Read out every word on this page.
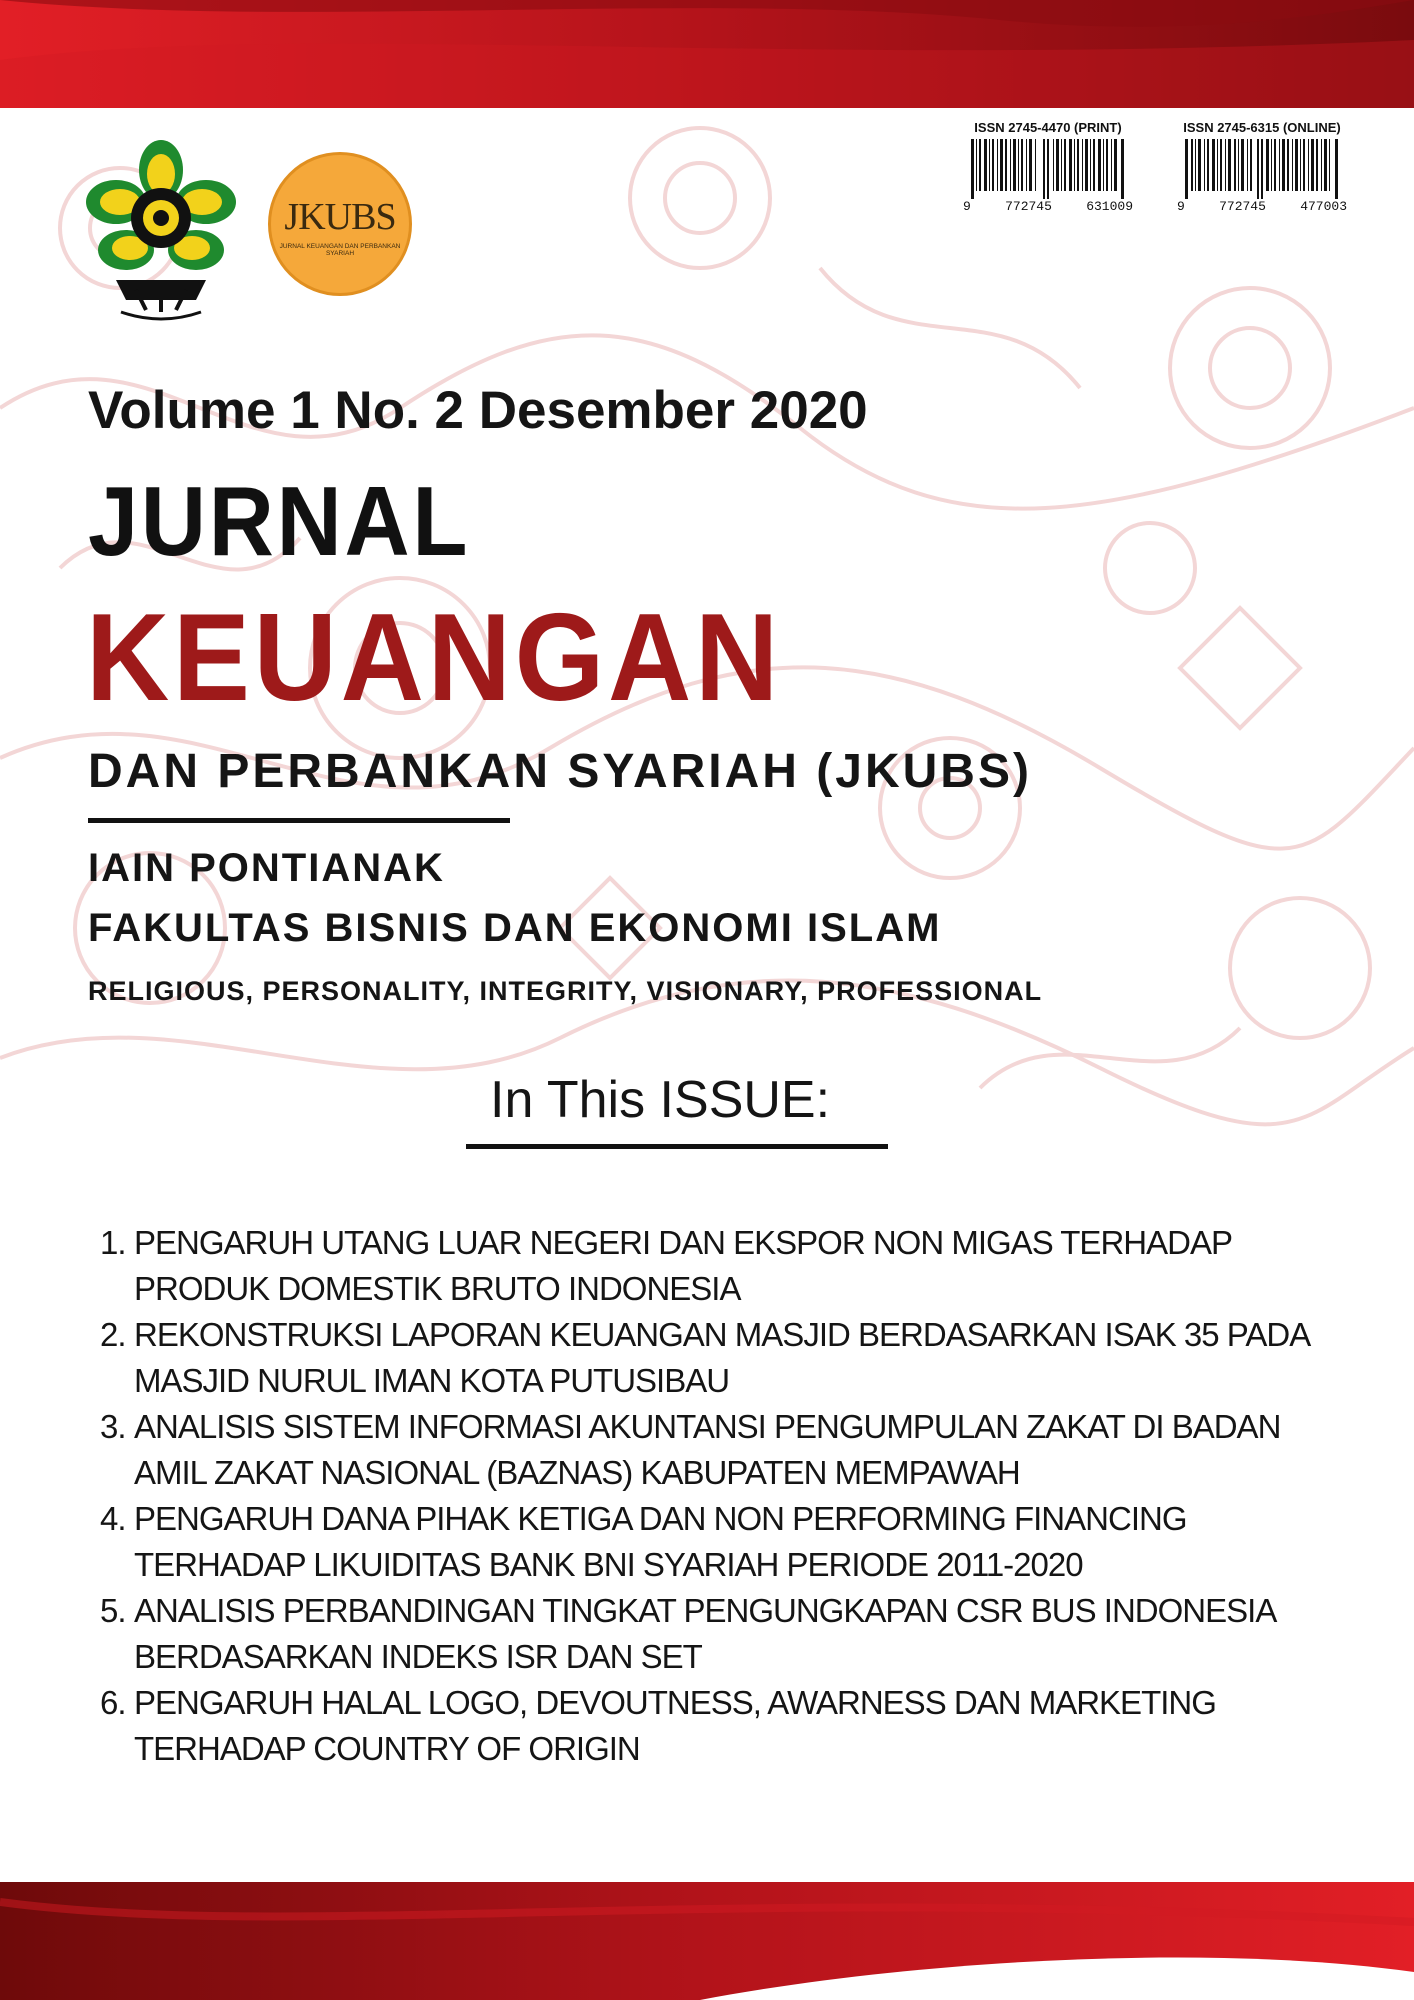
JKUBS
JURNAL KEUANGAN DAN PERBANKAN SYARIAH
ISSN 2745-4470 (PRINT)
9	772745	631009
ISSN 2745-6315 (ONLINE)
9	772745	477003
Volume 1 No. 2 Desember 2020
JURNAL
KEUANGAN
DAN PERBANKAN SYARIAH (JKUBS)
IAIN PONTIANAK
FAKULTAS BISNIS DAN EKONOMI ISLAM
RELIGIOUS, PERSONALITY, INTEGRITY, VISIONARY, PROFESSIONAL
In This ISSUE:
1. PENGARUH UTANG LUAR NEGERI DAN EKSPOR NON MIGAS TERHADAP PRODUK DOMESTIK BRUTO INDONESIA
2. REKONSTRUKSI LAPORAN KEUANGAN MASJID BERDASARKAN ISAK 35 PADA MASJID NURUL IMAN KOTA PUTUSIBAU
3. ANALISIS SISTEM INFORMASI AKUNTANSI PENGUMPULAN ZAKAT DI BADAN AMIL ZAKAT NASIONAL (BAZNAS) KABUPATEN MEMPAWAH
4. PENGARUH DANA PIHAK KETIGA DAN NON PERFORMING FINANCING TERHADAP LIKUIDITAS BANK BNI SYARIAH PERIODE 2011-2020
5. ANALISIS PERBANDINGAN TINGKAT PENGUNGKAPAN CSR BUS INDONESIA BERDASARKAN INDEKS ISR DAN SET
6. PENGARUH HALAL LOGO, DEVOUTNESS, AWARNESS DAN MARKETING TERHADAP COUNTRY OF ORIGIN
